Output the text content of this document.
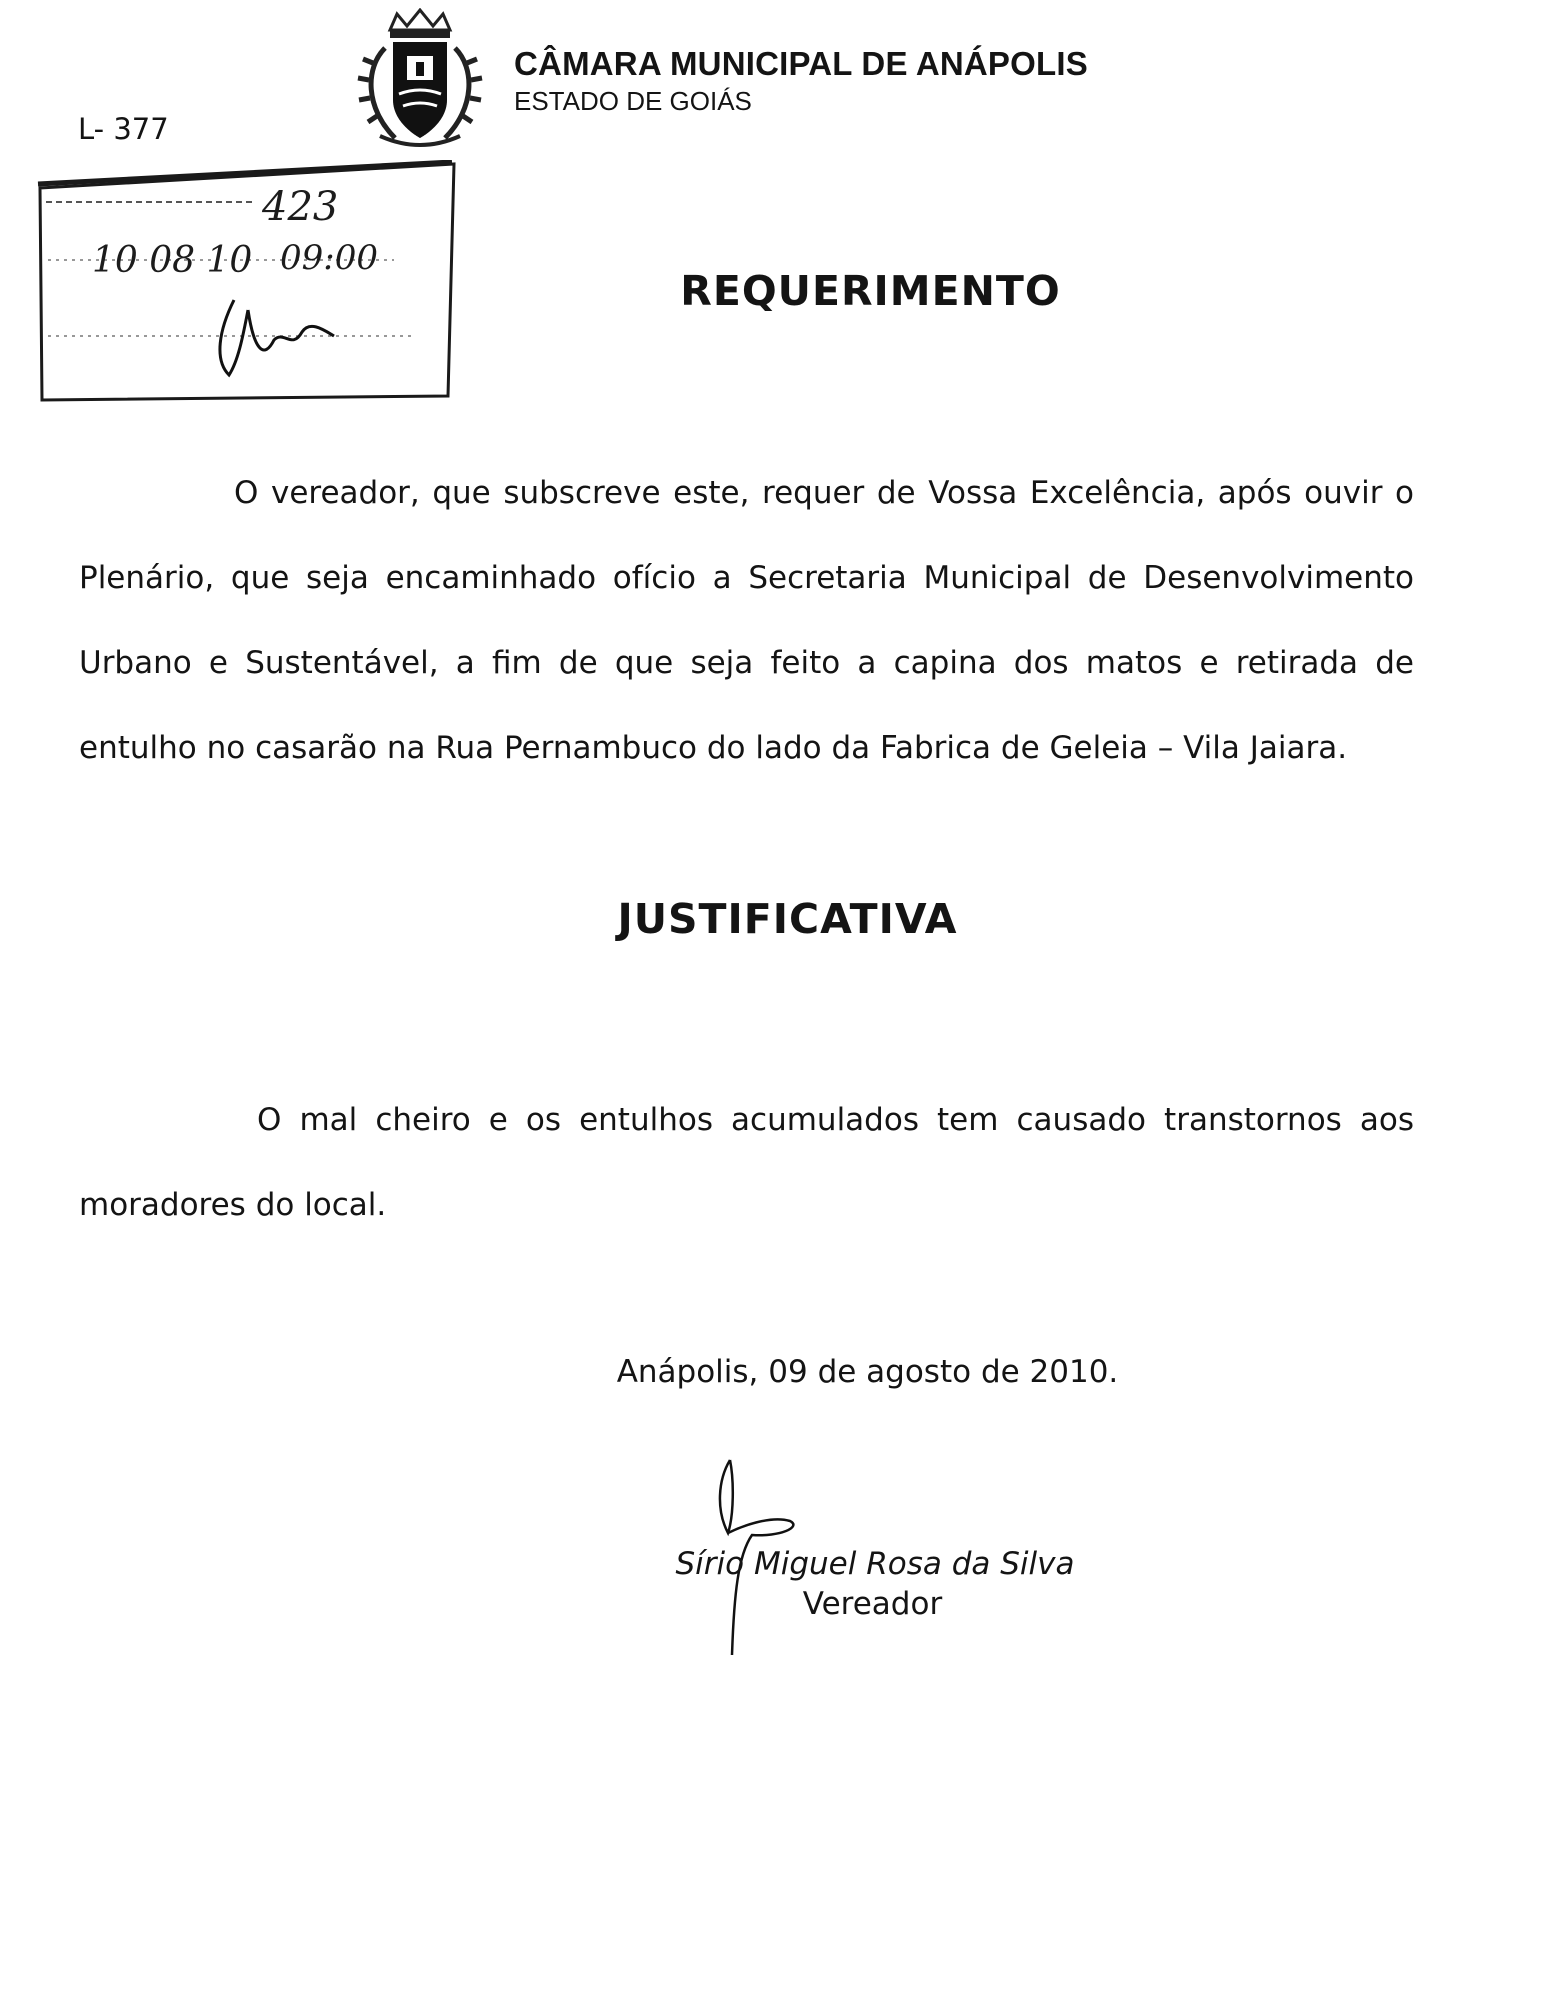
CÂMARA MUNICIPAL DE ANÁPOLIS
ESTADO DE GOIÁS
L- 377
423
10 08 10 09:00
REQUERIMENTO

O vereador, que subscreve este, requer de Vossa Excelência, após ouvir o Plenário, que seja encaminhado ofício a Secretaria Municipal de Desenvolvimento Urbano e Sustentável, a fim de que seja feito a capina dos matos e retirada de entulho no casarão na Rua Pernambuco do lado da Fabrica de Geleia – Vila Jaiara.

JUSTIFICATIVA

O mal cheiro e os entulhos acumulados tem causado transtornos aos moradores do local.

Anápolis, 09 de agosto de 2010.
Sírio Miguel Rosa da Silva
Vereador
